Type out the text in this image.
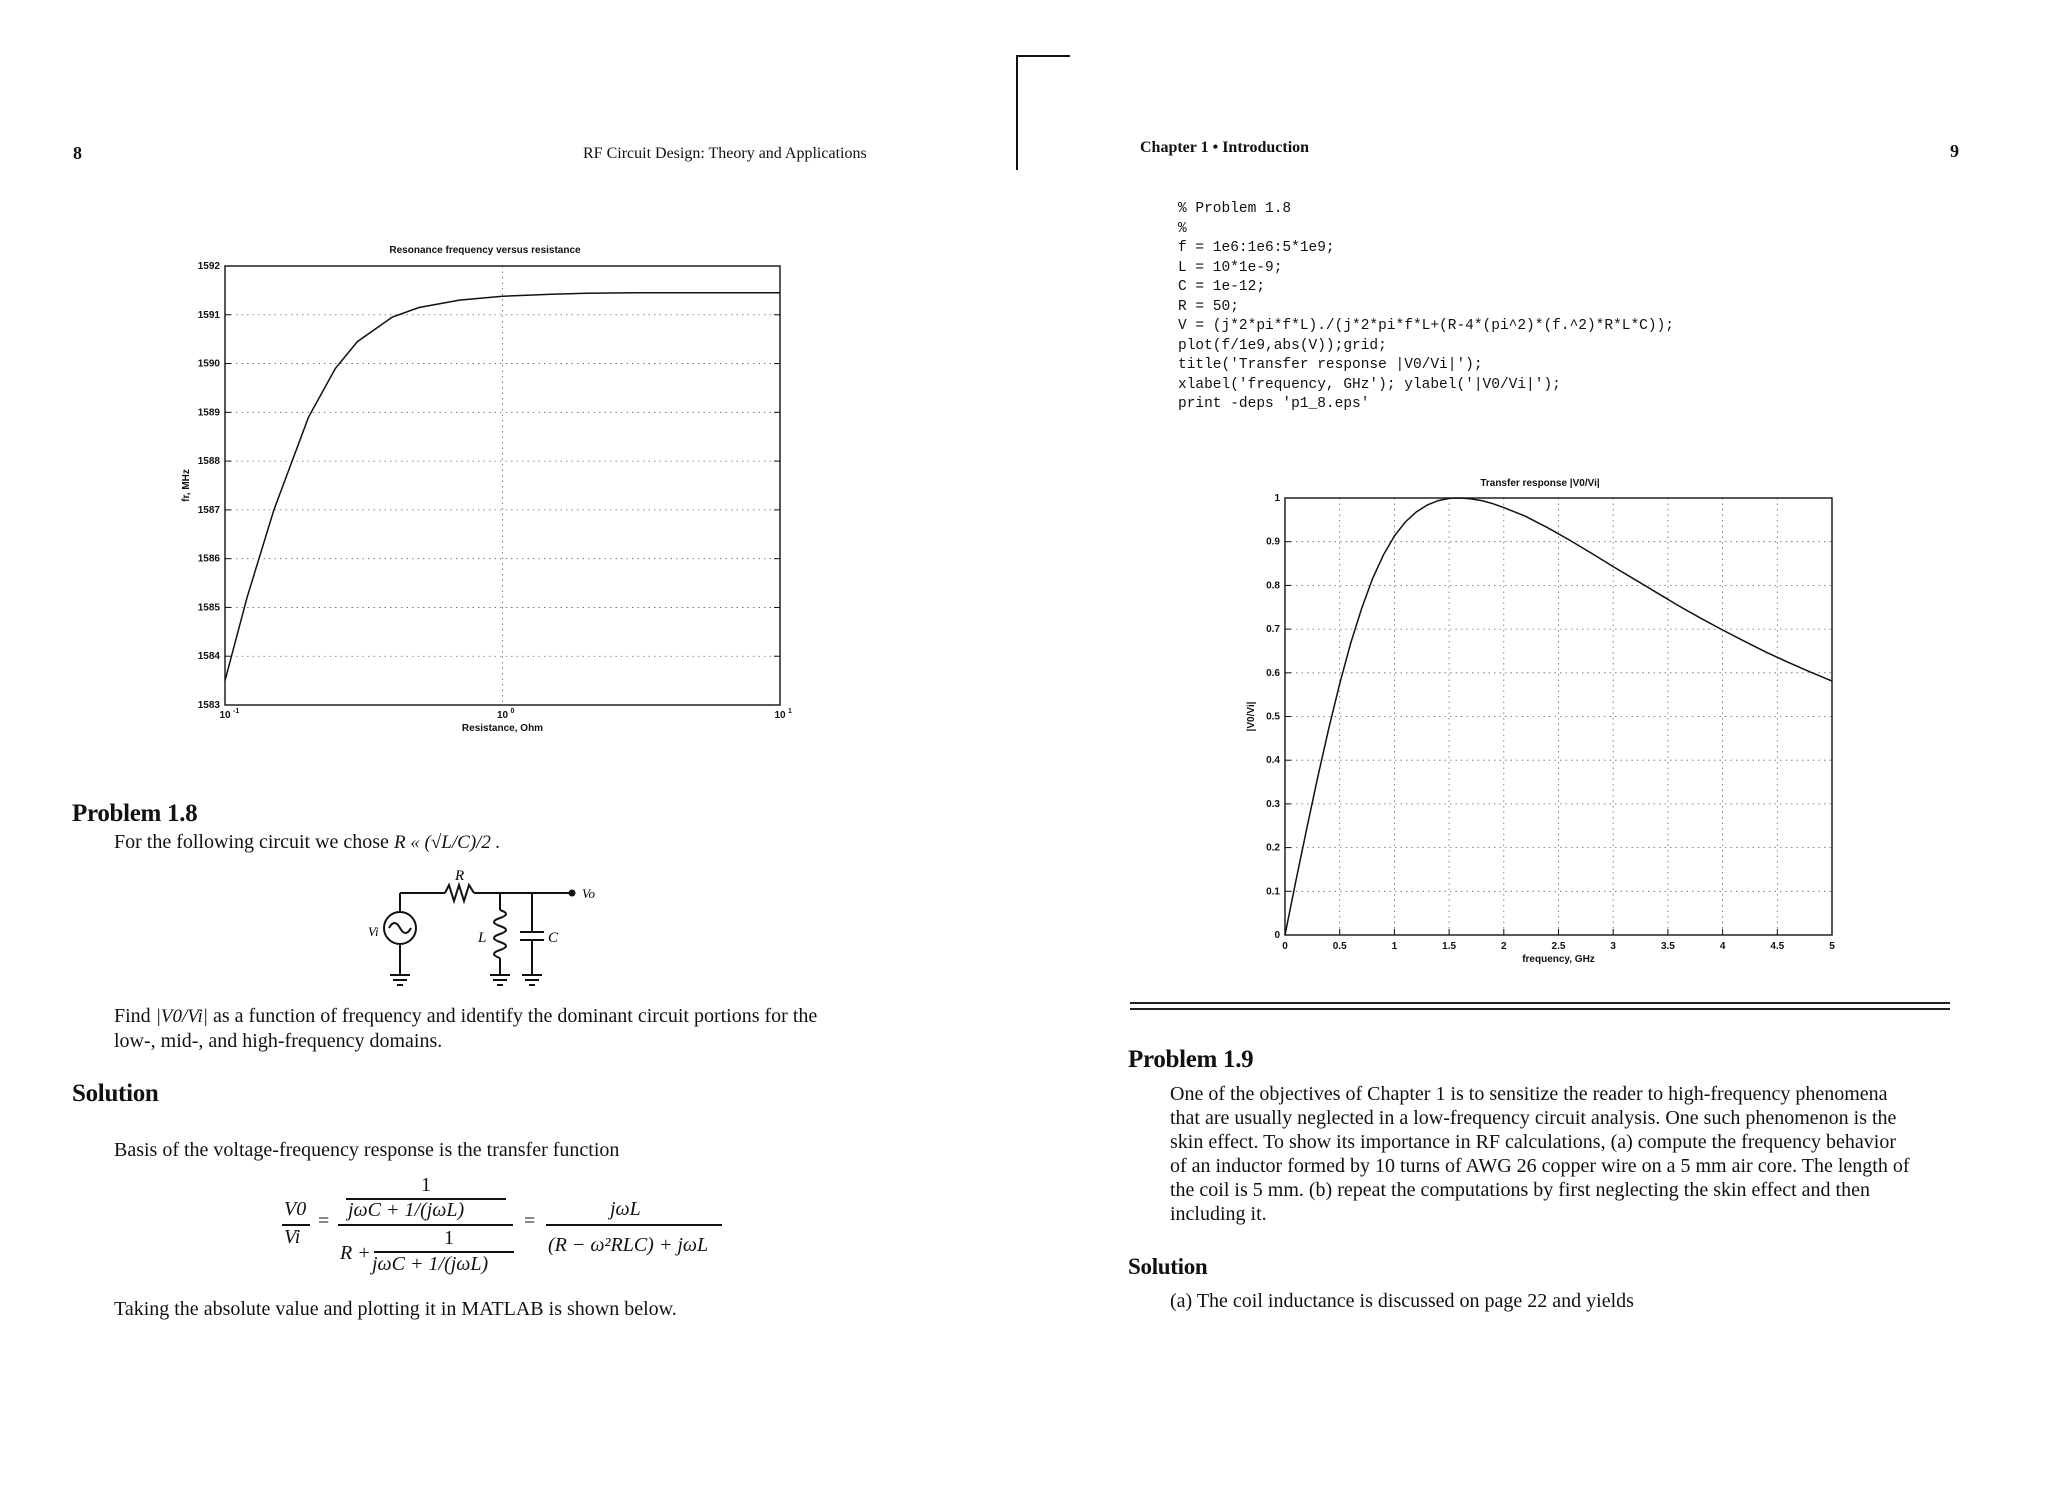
8	RF Circuit Design: Theory and Applications
Resonance frequency versus resistance
1583
1584
1585
1586
1587
1588
1589
1590
1591
1592
10 -1	10 0	10 1
Resistance, Ohm
fr, MHz
Problem 1.8
For the following circuit we chose R « (√L/C)/2 .
R
L	C
Vi
Vo
Find |V0/Vi| as a function of frequency and identify the dominant circuit portions for the
low-, mid-, and high-frequency domains.
Solution
Basis of the voltage-frequency response is the transfer function
V0
Vi
=
1
jωC + 1/(jωL)
R +
1
jωC + 1/(jωL)
=
jωL
(R − ω²RLC) + jωL
Taking the absolute value and plotting it in MATLAB is shown below.
Chapter 1 • Introduction	9
% Problem 1.8
%
f = 1e6:1e6:5*1e9;
L = 10*1e-9;
C = 1e-12;
R = 50;
V = (j*2*pi*f*L)./(j*2*pi*f*L+(R-4*(pi^2)*(f.^2)*R*L*C));
plot(f/1e9,abs(V));grid;
title('Transfer response |V0/Vi|');
xlabel('frequency, GHz'); ylabel('|V0/Vi|');
print -deps 'p1_8.eps'
Transfer response |V0/Vi|
0
0.1
0.2
0.3
0.4
0.5
0.6
0.7
0.8
0.9
1
0	0.5	1	1.5	2	2.5	3	3.5	4	4.5	5
frequency, GHz
|V0/Vi|
Problem 1.9
One of the objectives of Chapter 1 is to sensitize the reader to high-frequency phenomena
that are usually neglected in a low-frequency circuit analysis. One such phenomenon is the
skin effect. To show its importance in RF calculations, (a) compute the frequency behavior
of an inductor formed by 10 turns of AWG 26 copper wire on a 5 mm air core. The length of
the coil is 5 mm. (b) repeat the computations by first neglecting the skin effect and then
including it.
Solution
(a) The coil inductance is discussed on page 22 and yields
